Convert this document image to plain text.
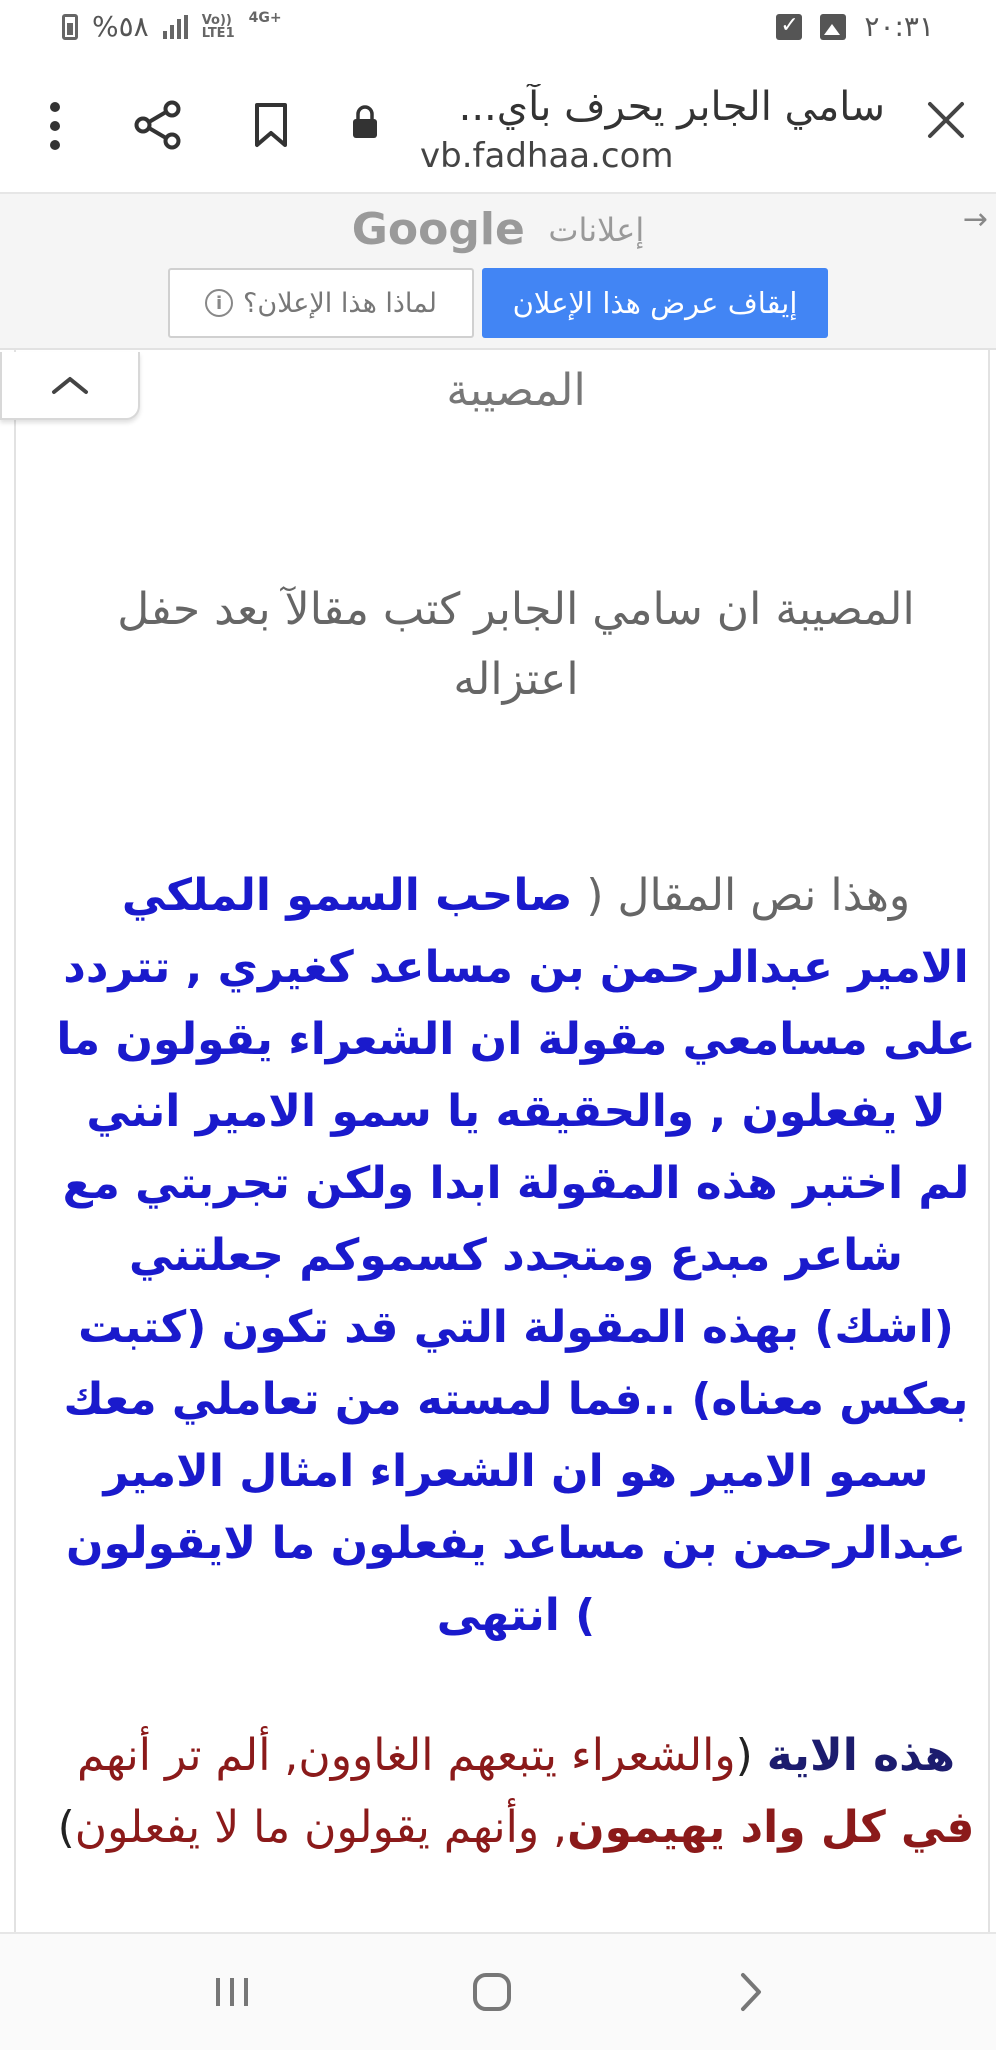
%٥٨	Vo))
LTE1
4G+
✓	٢٠:٣١
سامي الجابر يحرف بآي...
vb.fadhaa.com
→
Google إعلانات
إيقاف عرض هذا الإعلان
لماذا هذا الإعلان؟
i
المصيبة
المصيبة ان سامي الجابر كتب مقالآ بعد حفل اعتزاله
وهذا نص المقال ( صاحب السمو الملكي الامير عبدالرحمن بن مساعد كغيري , تتردد على مسامعي مقولة ان الشعراء يقولون ما لا يفعلون , والحقيقه يا سمو الامير انني لم اختبر هذه المقولة ابدا ولكن تجربتي مع شاعر مبدع ومتجدد كسموكم جعلتني (اشك) بهذه المقولة التي قد تكون (كتبت بعكس معناه) ..فما لمسته من تعاملي معك سمو الامير هو ان الشعراء امثال الامير عبدالرحمن بن مساعد يفعلون ما لايقولون ) انتهى
هذه الاية (والشعراء يتبعهم الغاوون, ألم تر أنهم في كل واد يهيمون, وأنهم يقولون ما لا يفعلون)
